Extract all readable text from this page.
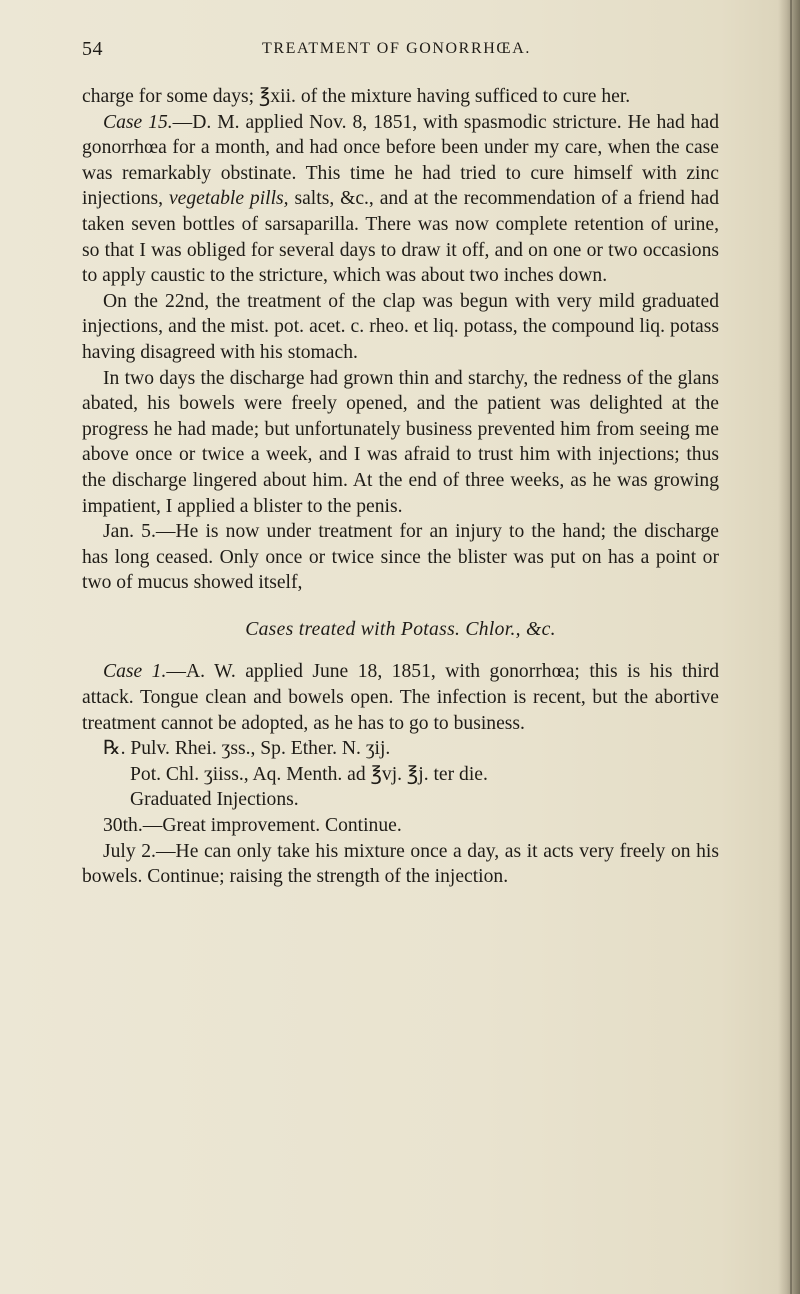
54	TREATMENT OF GONORRHŒA.

charge for some days; ℥xii. of the mixture having sufficed to cure her.

Case 15.—D. M. applied Nov. 8, 1851, with spasmodic stricture. He had had gonorrhœa for a month, and had once before been under my care, when the case was remarkably obstinate. This time he had tried to cure himself with zinc injections, vegetable pills, salts, &c., and at the recommendation of a friend had taken seven bottles of sarsaparilla. There was now complete retention of urine, so that I was obliged for several days to draw it off, and on one or two occasions to apply caustic to the stricture, which was about two inches down.

On the 22nd, the treatment of the clap was begun with very mild graduated injections, and the mist. pot. acet. c. rheo. et liq. potass, the compound liq. potass having disagreed with his stomach.

In two days the discharge had grown thin and starchy, the redness of the glans abated, his bowels were freely opened, and the patient was delighted at the progress he had made; but unfortunately business prevented him from seeing me above once or twice a week, and I was afraid to trust him with injections; thus the discharge lingered about him. At the end of three weeks, as he was growing impatient, I applied a blister to the penis.

Jan. 5.—He is now under treatment for an injury to the hand; the discharge has long ceased. Only once or twice since the blister was put on has a point or two of mucus showed itself,

Cases treated with Potass. Chlor., &c.

Case 1.—A. W. applied June 18, 1851, with gonorrhœa; this is his third attack. Tongue clean and bowels open. The infection is recent, but the abortive treatment cannot be adopted, as he has to go to business.

℞. Pulv. Rhei. ʒss., Sp. Ether. N. ʒij.

Pot. Chl. ʒiiss., Aq. Menth. ad ℥vj. ℥j. ter die.

Graduated Injections.

30th.—Great improvement. Continue.

July 2.—He can only take his mixture once a day, as it acts very freely on his bowels. Continue; raising the strength of the injection.
